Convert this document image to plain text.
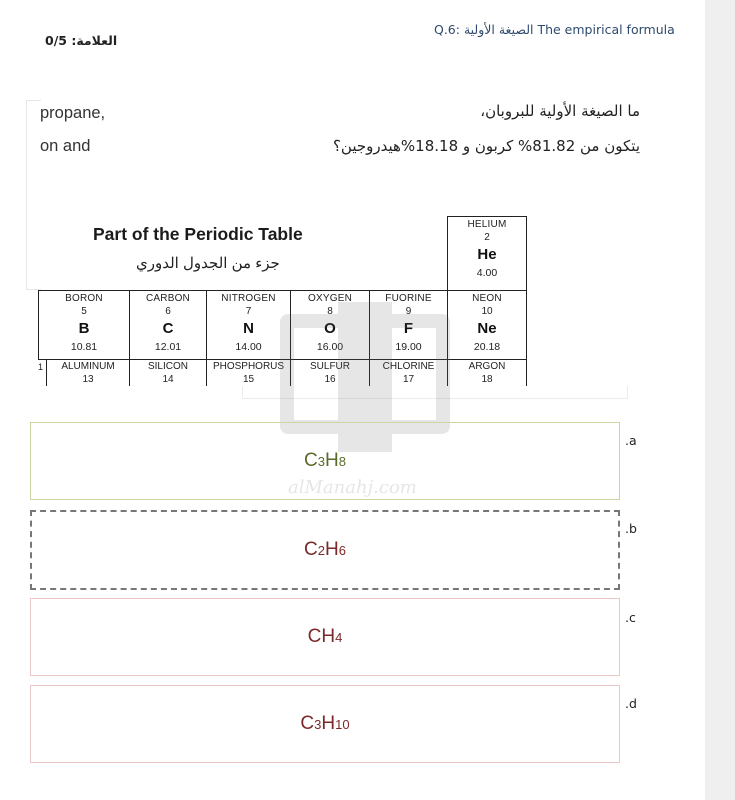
Q.6: الصيغة الأولية The empirical formula
العلامة: 0/5
ما الصيغة الأولية للبروبان،
يتكون من 81.82% كربون و 18.18%هيدروجين؟
propane,
on and
Part of the Periodic Table
جزء من الجدول الدوري
HELIUM
2
He
4.00
BORON
5
B
10.81
CARBON
6
C
12.01
NITROGEN
7
N
14.00
OXYGEN
8
O
16.00
FUORINE
9
F
19.00
NEON
10
Ne
20.18
1	ALUMINUM
13
SILICON
14
PHOSPHORUS
15
SULFUR
16
CHLORINE
17
ARGON
18
alManahj.com
C 3 H 8
.a
C 2 H 6
.b
CH 4
.c
C 3 H 10
.d
